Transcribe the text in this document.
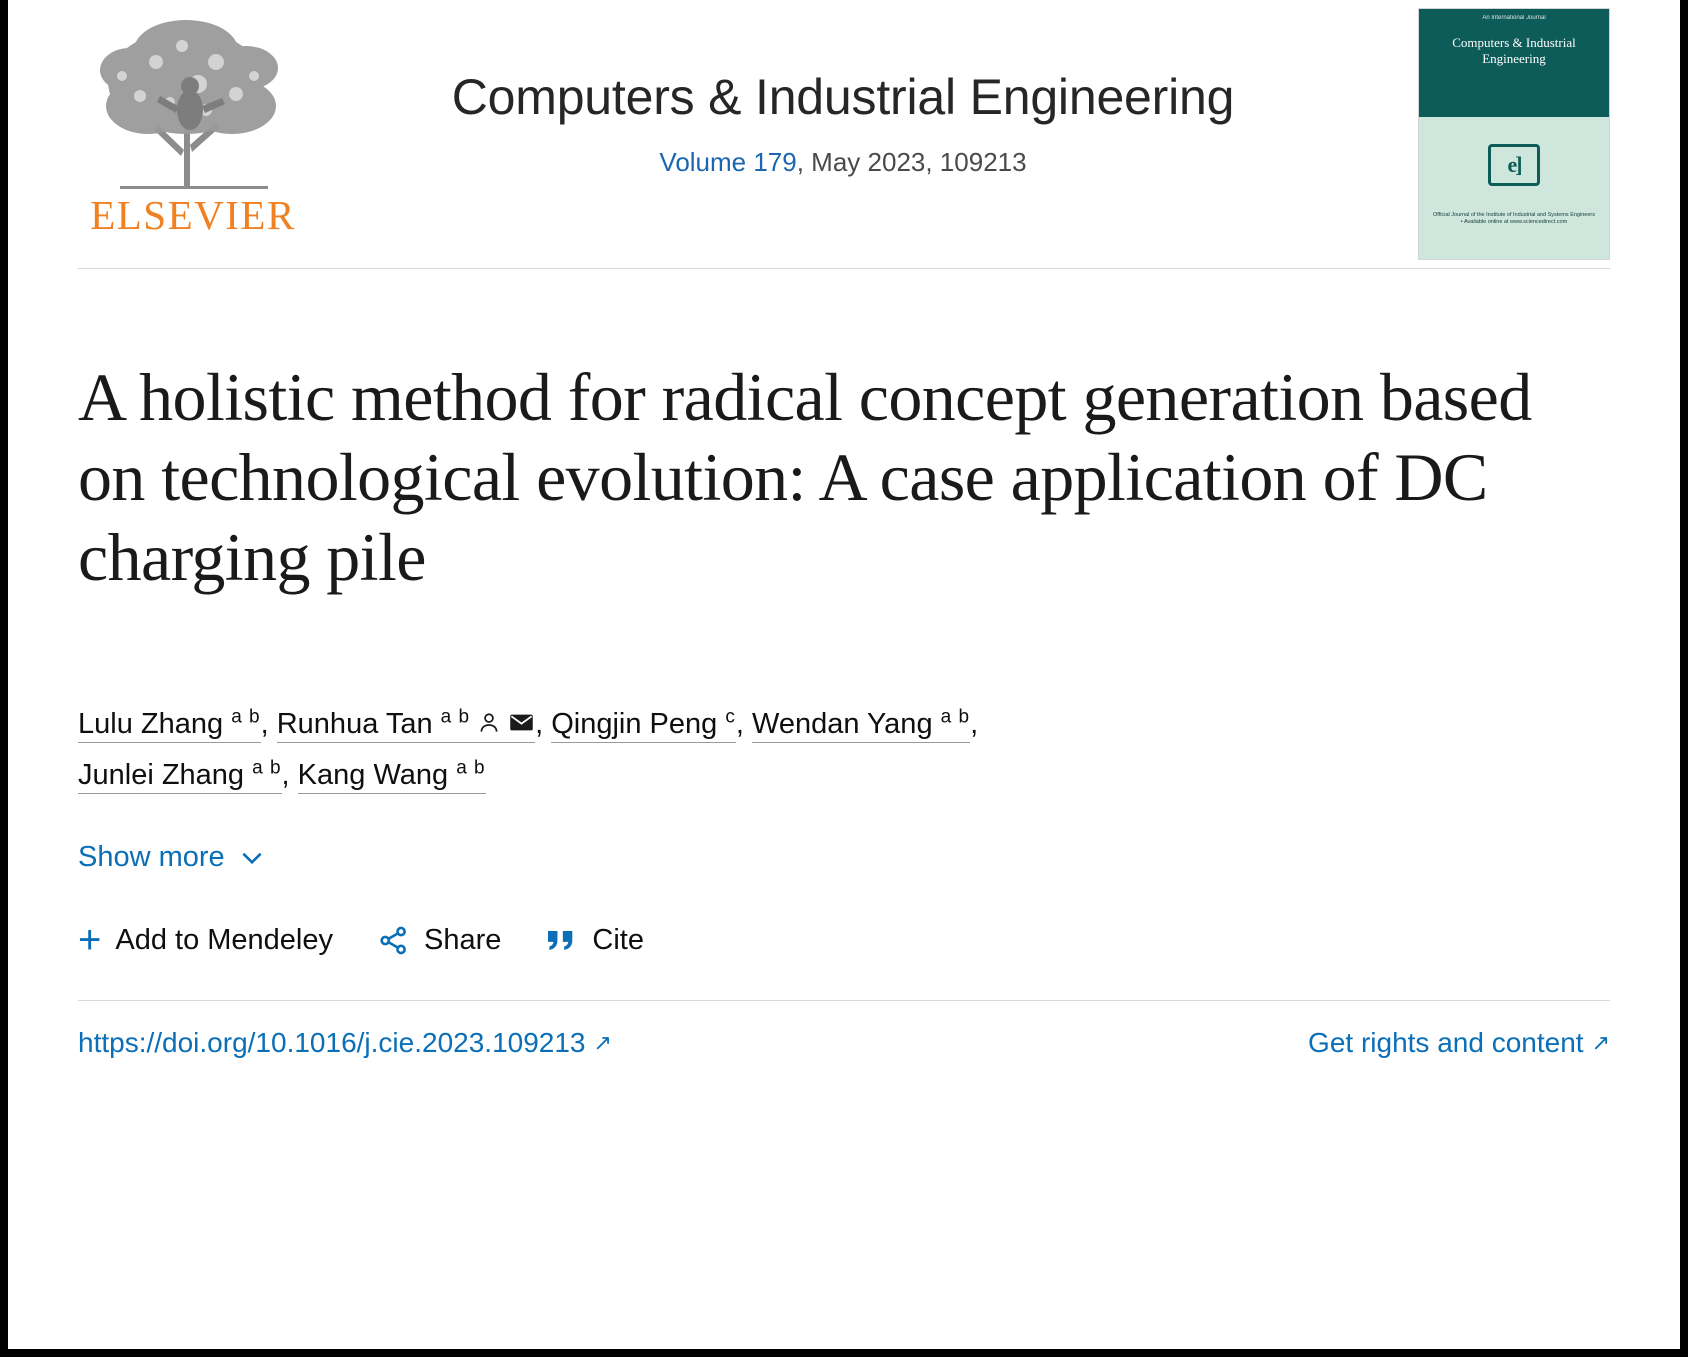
ELSEVIER
Computers & Industrial Engineering
Volume 179, May 2023, 109213
An International Journal
Computers & Industrial Engineering
e]
Official Journal of the Institute of Industrial and Systems Engineers • Available online at www.sciencedirect.com
A holistic method for radical concept generation based on technological evolution: A case application of DC charging pile
Lulu Zhang $^{a b}$, Runhua Tan $^{a b}$ , Qingjin Peng $^c$, Wendan Yang $^{a b}$,
Junlei Zhang $^{a b}$, Kang Wang $^{a b}$
Show more
+ Add to Mendeley	Share	Cite
https://doi.org/10.1016/j.cie.2023.109213 ↗	Get rights and content ↗
